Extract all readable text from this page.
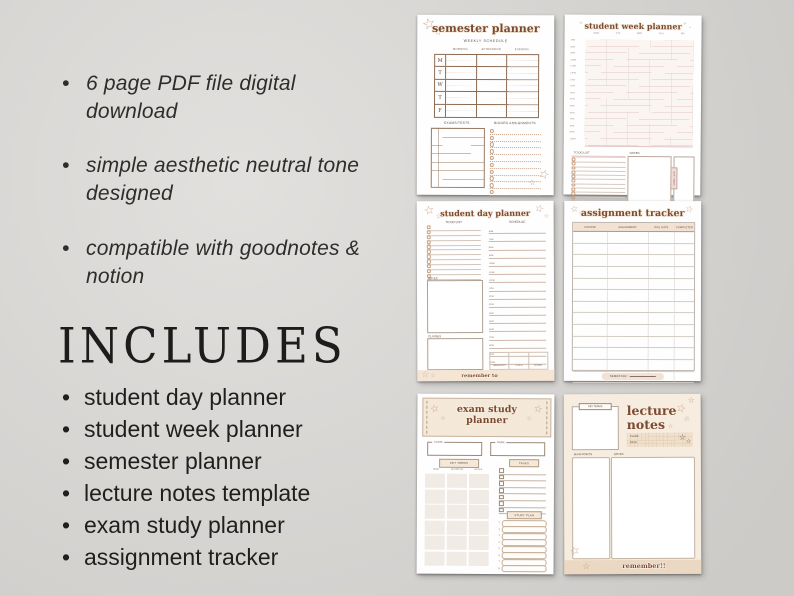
• 6 page PDF file digital download
• simple aesthetic neutral tone designed
• compatible with goodnotes & notion
INCLUDES
• student day planner
• student week planner
• semester planner
• lecture notes template
• exam study planner
• assignment tracker
☆
☆
semester planner
WEEKLY SCHEDULE
MORNING	AFTERNOON	EVENING
M
T
W
T
F
EXAMS/TESTS	BIGGER ASSIGNMENTS
☆
☆
✧
✧
✧
✧
student week planner
MON	TUE	WED	THU	FRI
7AM
8AM
9AM
10AM
11AM
12PM
1PM
2PM
3PM
4PM
5PM
6PM
7PM
8PM
9PM
10PM
TO DO LIST	NOTES
NEXT WEEK
☆
☆
☆
☆
student day planner
TO DO LIST
NOTES
CLASSES
SCHEDULE
6AM
7AM
8AM
9AM
10AM
11AM
12PM
1PM
2PM
3PM
4PM
5PM
6PM
7PM
8PM
9PM
10PM
BREAKFAST	LUNCH	DINNER
☆
☆
remember to
☆
☆
☆
☆
assignment tracker
COURSE	ASSIGNMENT	DUE DATE	COMPLETED
SEMESTER:
☆
☆
☆
☆
exam study
planner
CLASS	EXAM
KEY TERMS	TASKS
TERM	DEFINITION	NOTES
STUDY PLAN
1
2
3
4
5
6
7
8
KEY TERMS	lecture
notes
☆
☆
☆
☆
CLASS:
DATE:
☆
☆
MAIN POINTS	NOTES
☆
☆
remember!!
